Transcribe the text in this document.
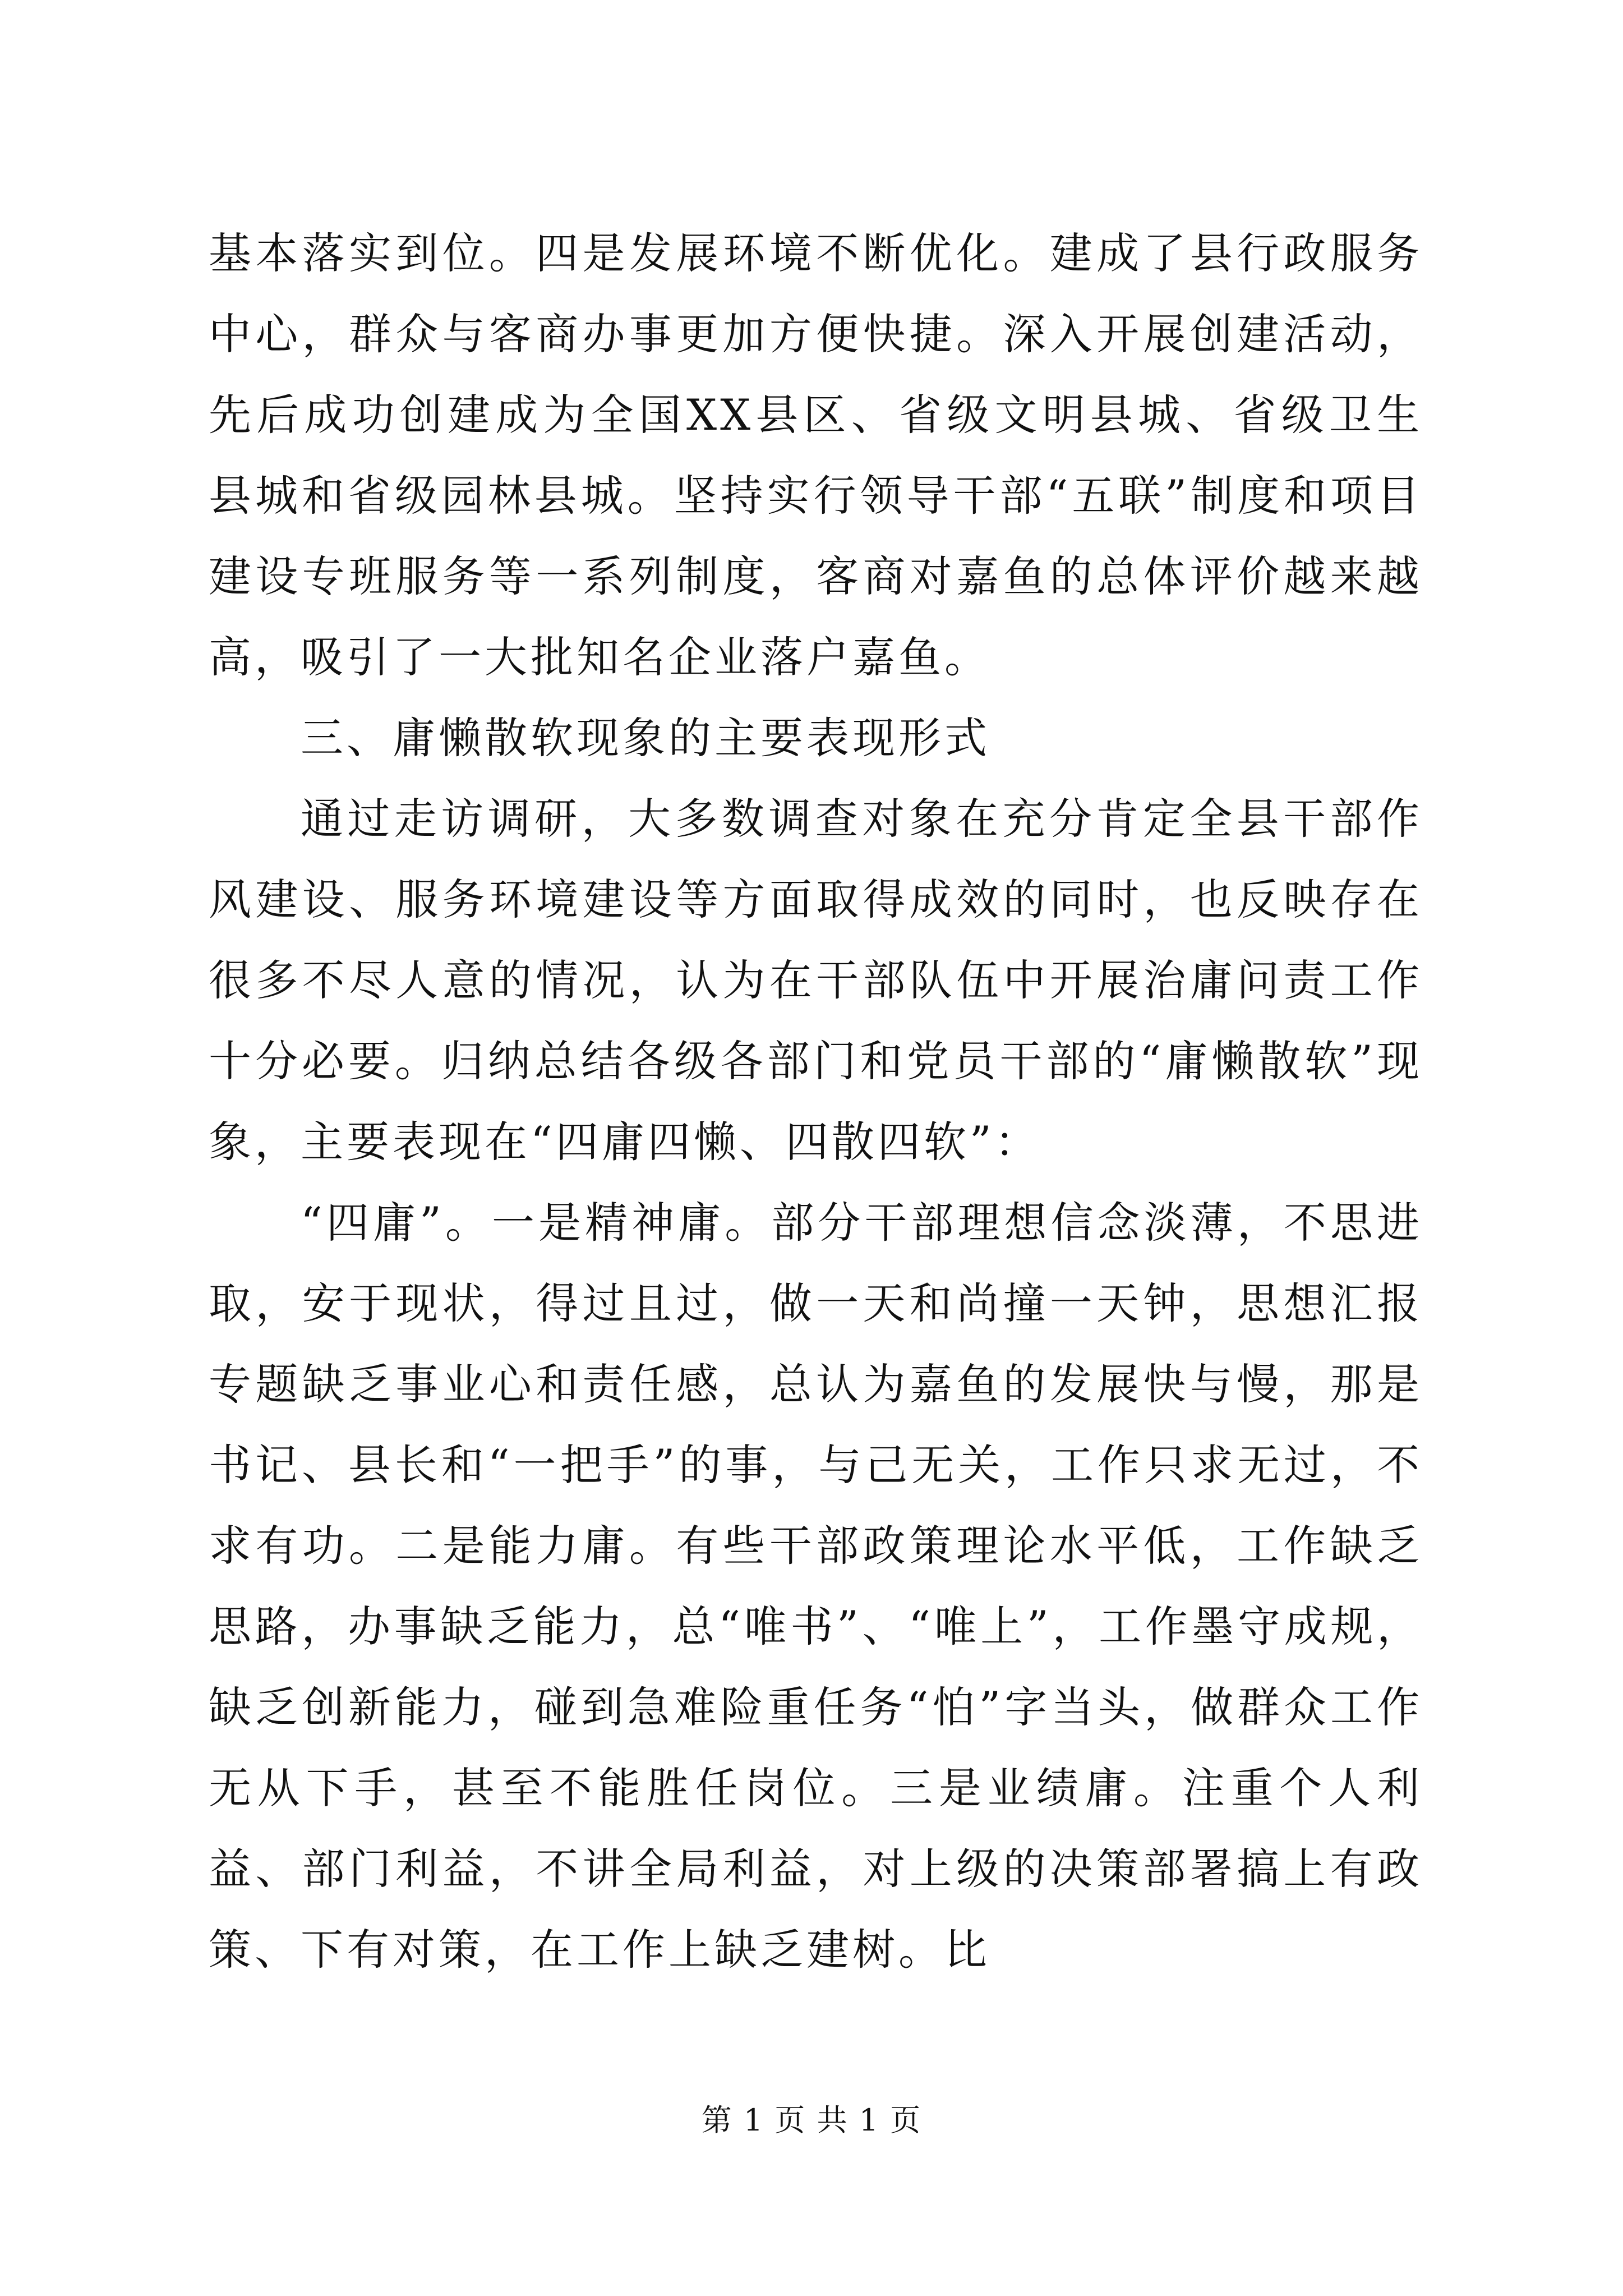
基本落实到位。四是发展环境不断优化。建成了县行政服务中心，群众与客商办事更加方便快捷。深入开展创建活动，先后成功创建成为全国XX县区、省级文明县城、省级卫生县城和省级园林县城。坚持实行领导干部“五联”制度和项目建设专班服务等一系列制度，客商对嘉鱼的总体评价越来越高，吸引了一大批知名企业落户嘉鱼。

三、庸懒散软现象的主要表现形式

通过走访调研，大多数调查对象在充分肯定全县干部作风建设、服务环境建设等方面取得成效的同时，也反映存在很多不尽人意的情况，认为在干部队伍中开展治庸问责工作十分必要。归纳总结各级各部门和党员干部的“庸懒散软”现象，主要表现在“四庸四懒、四散四软”：

“四庸”。一是精神庸。部分干部理想信念淡薄，不思进取，安于现状，得过且过，做一天和尚撞一天钟，思想汇报专题缺乏事业心和责任感，总认为嘉鱼的发展快与慢，那是书记、县长和“一把手”的事，与己无关，工作只求无过，不求有功。二是能力庸。有些干部政策理论水平低，工作缺乏思路，办事缺乏能力，总“唯书”、“唯上”，工作墨守成规，缺乏创新能力，碰到急难险重任务“怕”字当头，做群众工作无从下手，甚至不能胜任岗位。三是业绩庸。注重个人利益、部门利益，不讲全局利益，对上级的决策部署搞上有政策、下有对策，在工作上缺乏建树。比

第 1 页 共 1 页
